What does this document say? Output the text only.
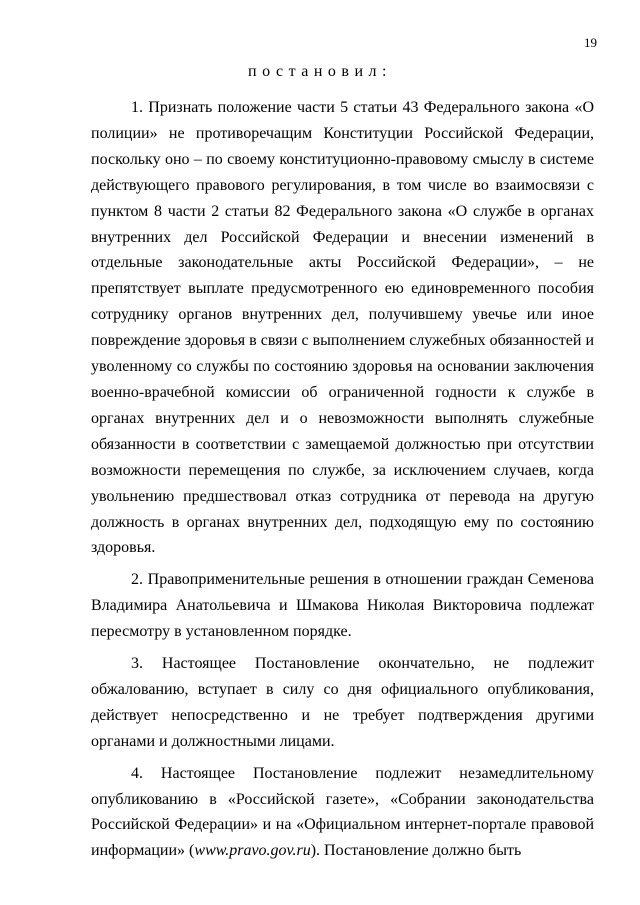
19
постановил:

1. Признать положение части 5 статьи 43 Федерального закона «О полиции» не противоречащим Конституции Российской Федерации, поскольку оно – по своему конституционно-правовому смыслу в системе действующего правового регулирования, в том числе во взаимосвязи с пунктом 8 части 2 статьи 82 Федерального закона «О службе в органах внутренних дел Российской Федерации и внесении изменений в отдельные законодательные акты Российской Федерации», – не препятствует выплате предусмотренного ею единовременного пособия сотруднику органов внутренних дел, получившему увечье или иное повреждение здоровья в связи с выполнением служебных обязанностей и уволенному со службы по состоянию здоровья на основании заключения военно-врачебной комиссии об ограниченной годности к службе в органах внутренних дел и о невозможности выполнять служебные обязанности в соответствии с замещаемой должностью при отсутствии возможности перемещения по службе, за исключением случаев, когда увольнению предшествовал отказ сотрудника от перевода на другую должность в органах внутренних дел, подходящую ему по состоянию здоровья.

2. Правоприменительные решения в отношении граждан Семенова Владимира Анатольевича и Шмакова Николая Викторовича подлежат пересмотру в установленном порядке.

3. Настоящее Постановление окончательно, не подлежит обжалованию, вступает в силу со дня официального опубликования, действует непосредственно и не требует подтверждения другими органами и должностными лицами.

4. Настоящее Постановление подлежит незамедлительному опубликованию в «Российской газете», «Собрании законодательства Российской Федерации» и на «Официальном интернет-портале правовой информации» (www.pravo.gov.ru). Постановление должно быть
